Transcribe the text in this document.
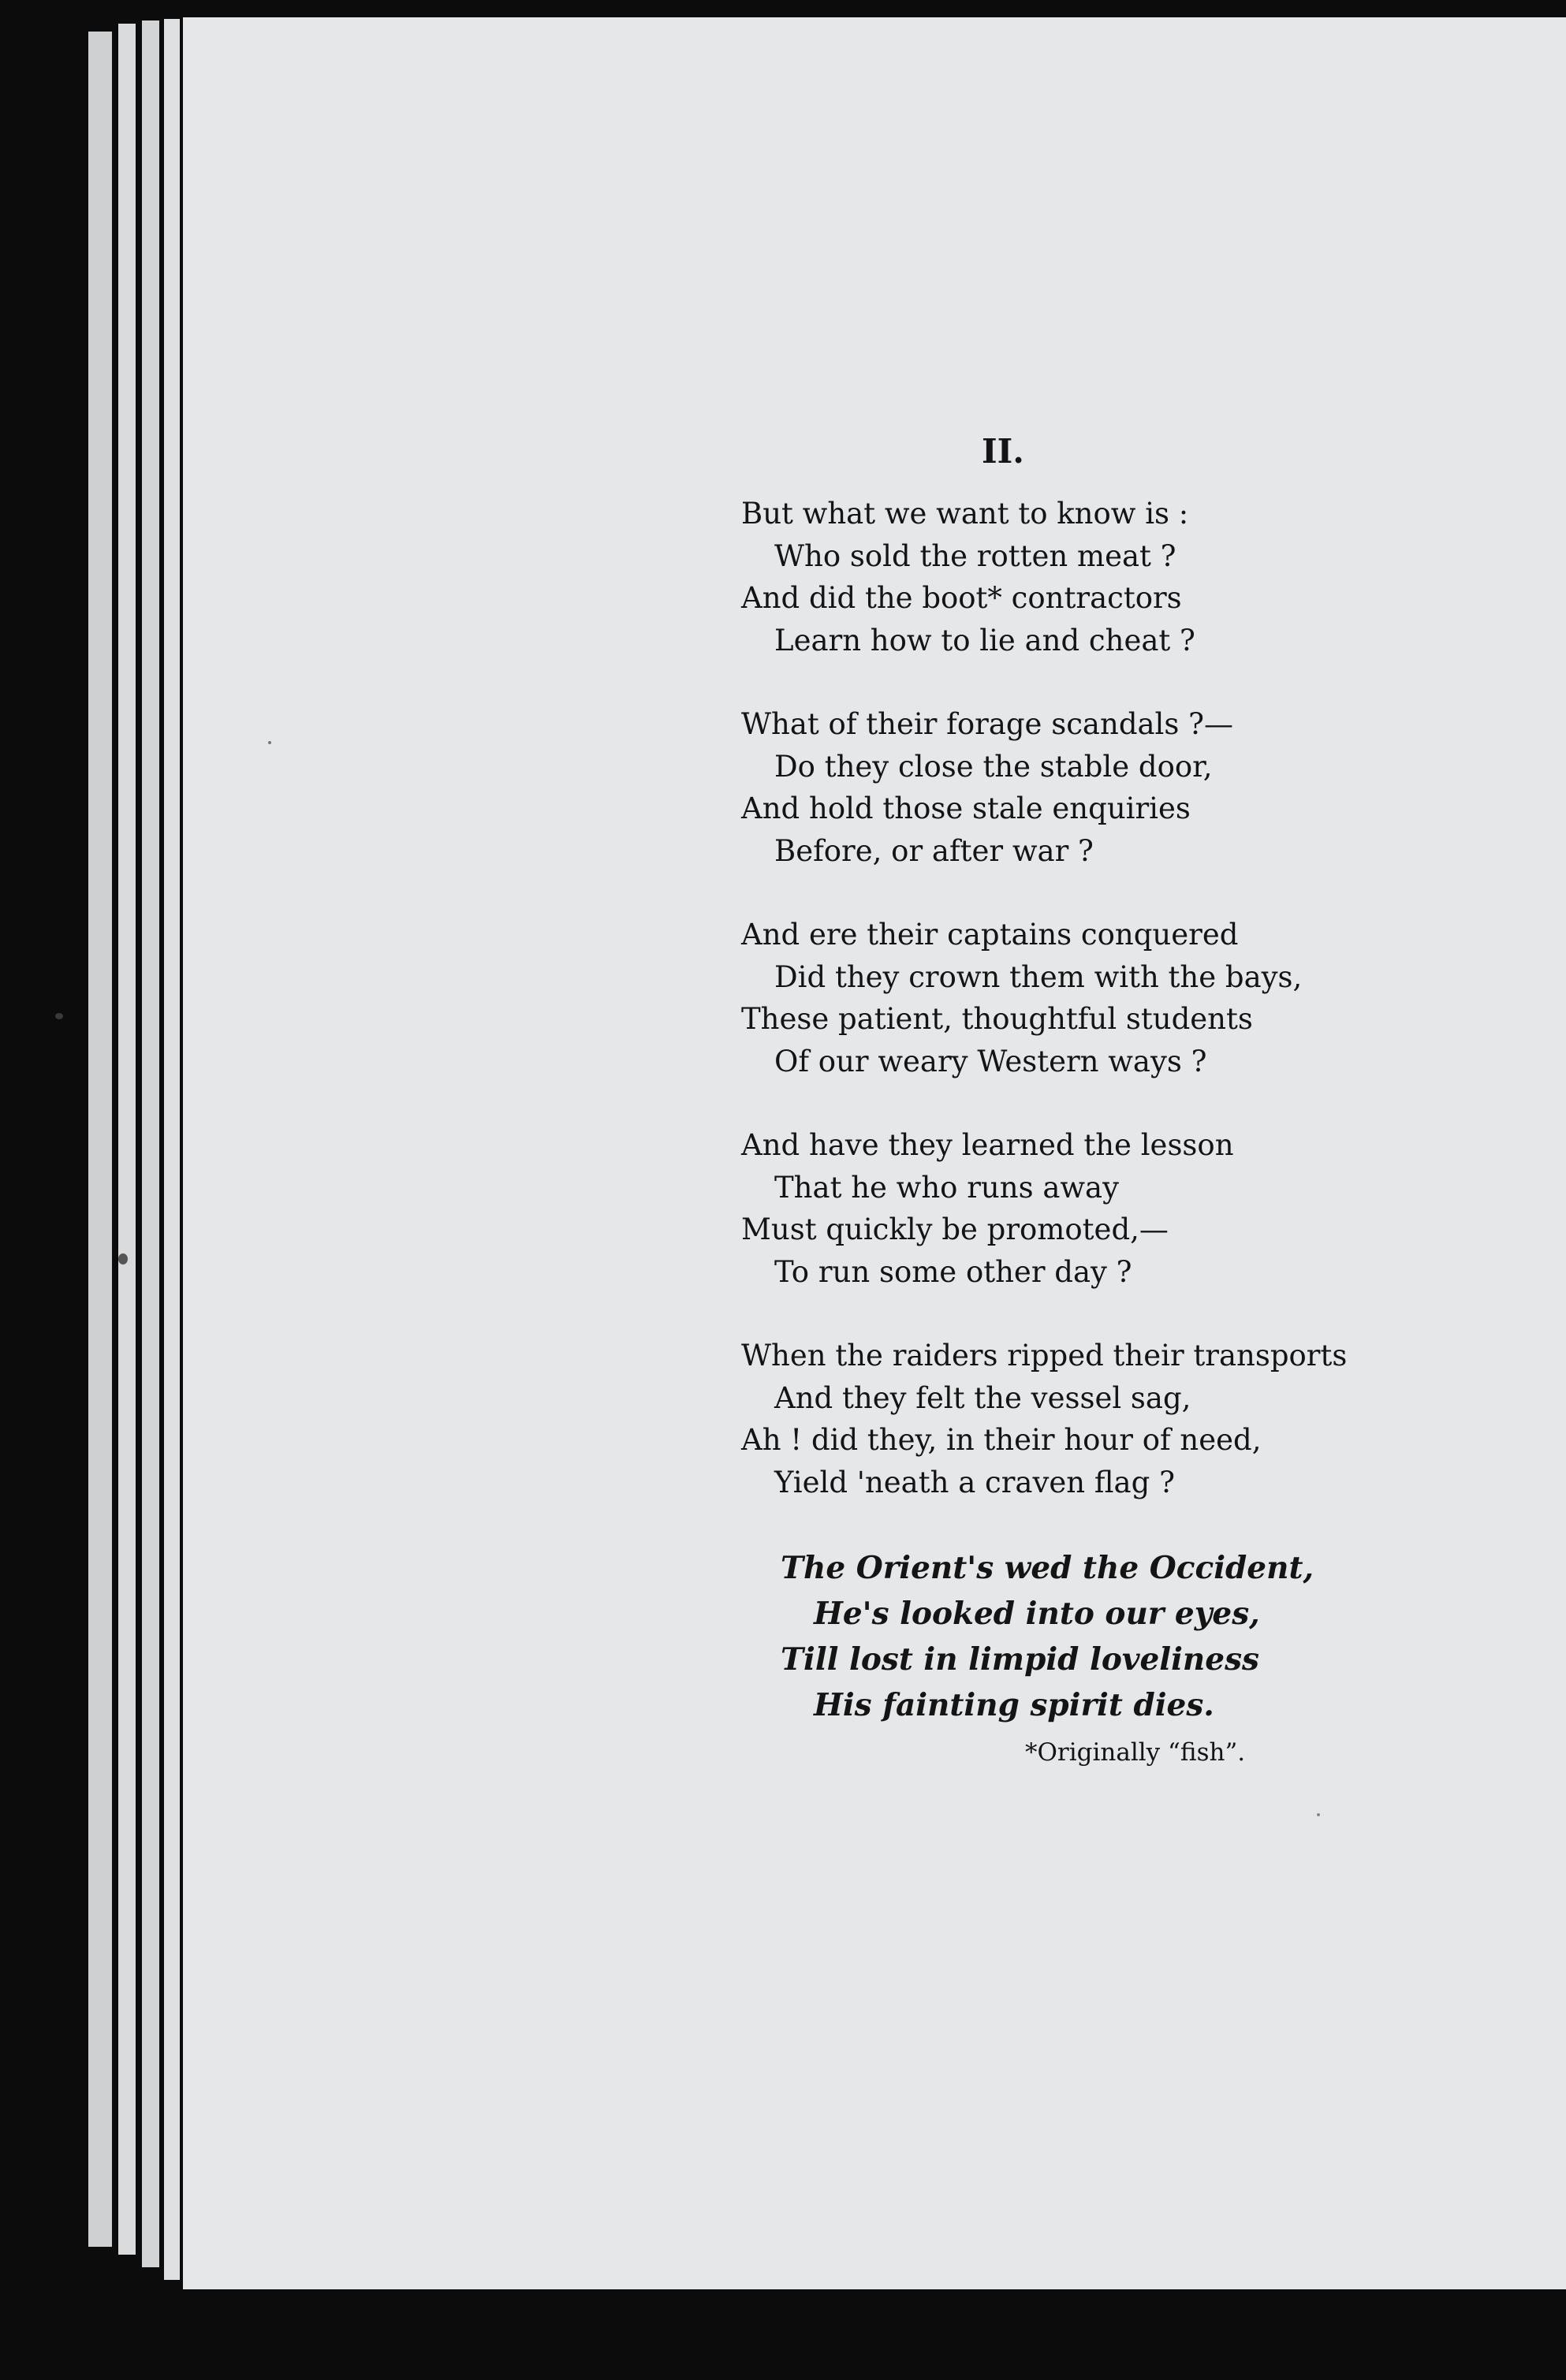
II.
But what we want to know is :
Who sold the rotten meat ?
And did the boot* contractors
Learn how to lie and cheat ?
What of their forage scandals ?—
Do they close the stable door,
And hold those stale enquiries
Before, or after war ?
And ere their captains conquered
Did they crown them with the bays,
These patient, thoughtful students
Of our weary Western ways ?
And have they learned the lesson
That he who runs away
Must quickly be promoted,—
To run some other day ?
When the raiders ripped their transports
And they felt the vessel sag,
Ah ! did they, in their hour of need,
Yield 'neath a craven flag ?
The Orient's wed the Occident,
He's looked into our eyes,
Till lost in limpid loveliness
His fainting spirit dies.
*Originally “fish”.
